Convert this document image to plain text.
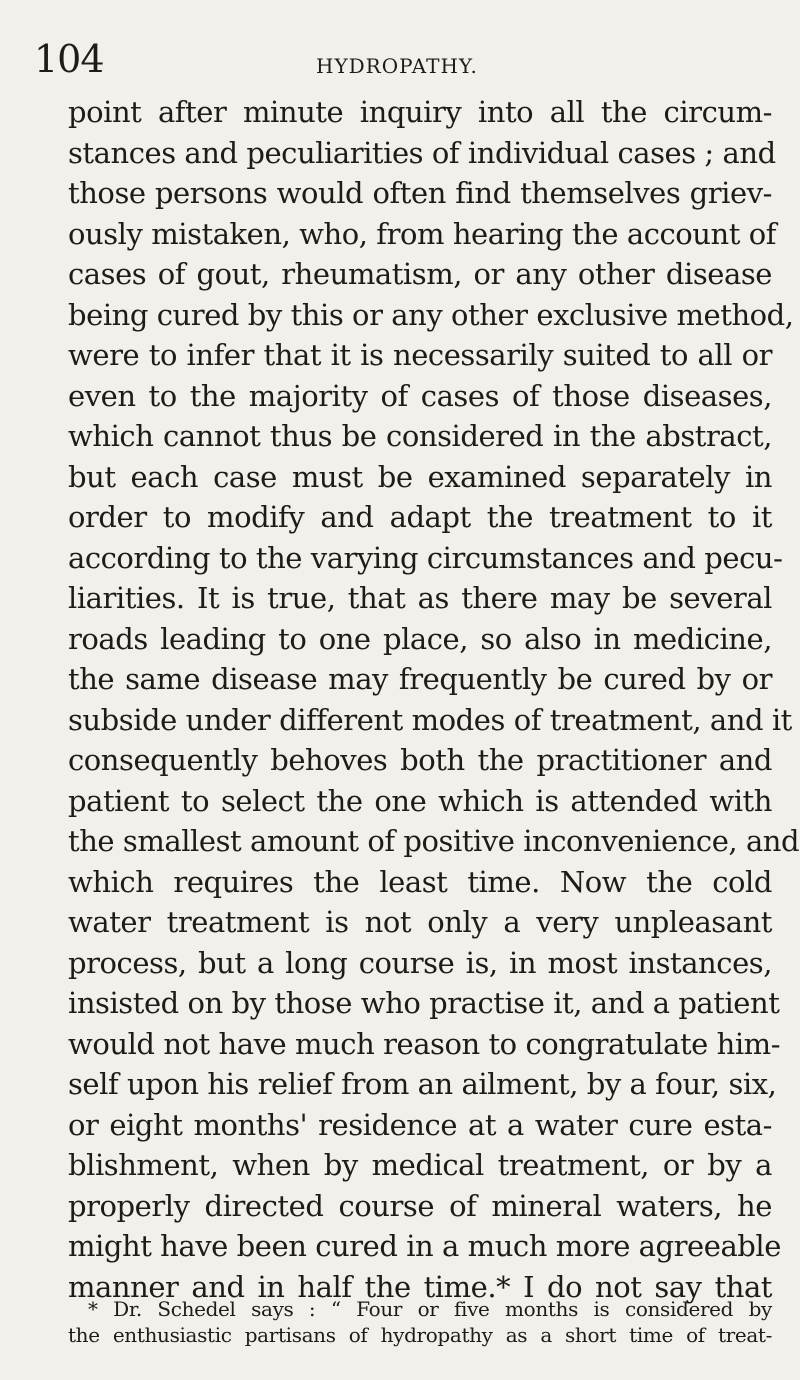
104	HYDROPATHY.
point after minute inquiry into all the circum-
stances and peculiarities of individual cases ; and
those persons would often find themselves griev-
ously mistaken, who, from hearing the account of
cases of gout, rheumatism, or any other disease
being cured by this or any other exclusive method,
were to infer that it is necessarily suited to all or
even to the majority of cases of those diseases,
which cannot thus be considered in the abstract,
but each case must be examined separately in
order to modify and adapt the treatment to it
according to the varying circumstances and pecu-
liarities. It is true, that as there may be several
roads leading to one place, so also in medicine,
the same disease may frequently be cured by or
subside under different modes of treatment, and it
consequently behoves both the practitioner and
patient to select the one which is attended with
the smallest amount of positive inconvenience, and
which requires the least time. Now the cold
water treatment is not only a very unpleasant
process, but a long course is, in most instances,
insisted on by those who practise it, and a patient
would not have much reason to congratulate him-
self upon his relief from an ailment, by a four, six,
or eight months' residence at a water cure esta-
blishment, when by medical treatment, or by a
properly directed course of mineral waters, he
might have been cured in a much more agreeable
manner and in half the time.* I do not say that
* Dr. Schedel says : “ Four or five months is considered by
the enthusiastic partisans of hydropathy as a short time of treat-
